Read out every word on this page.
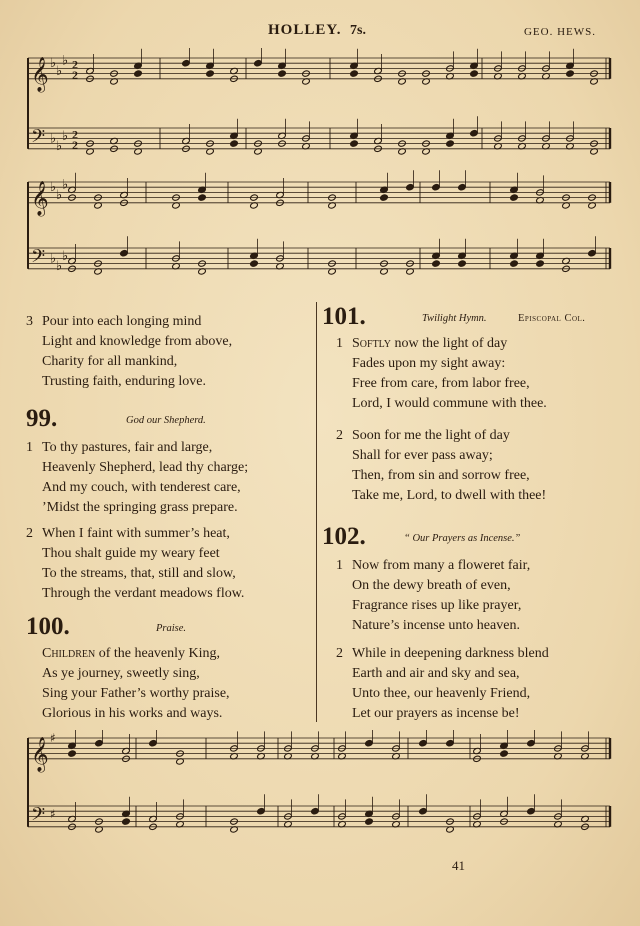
HOLLEY. 7s.	GEO. HEWS.
𝄞 ♭
♭
♭ 2
2
𝄢 ♭
♭
♭ 2
2
𝄞 ♭
♭
♭
𝄢 ♭
♭
♭
𝄞 ♯
𝄢 ♯
3 Pour into each longing mind
Light and knowledge from above,
Charity for all mankind,
Trusting faith, enduring love.
99.	God our Shepherd.
1 To thy pastures, fair and large,
Heavenly Shepherd, lead thy charge;
And my couch, with tenderest care,
’Midst the springing grass prepare.
2 When I faint with summer’s heat,
Thou shalt guide my weary feet
To the streams, that, still and slow,
Through the verdant meadows flow.
100.	Praise.
Children of the heavenly King,
As ye journey, sweetly sing,
Sing your Father’s worthy praise,
Glorious in his works and ways.
101.	Twilight Hymn.	Episcopal Col.
1 Softly now the light of day
Fades upon my sight away:
Free from care, from labor free,
Lord, I would commune with thee.
2 Soon for me the light of day
Shall for ever pass away;
Then, from sin and sorrow free,
Take me, Lord, to dwell with thee!
102.	“ Our Prayers as Incense.”
1 Now from many a floweret fair,
On the dewy breath of even,
Fragrance rises up like prayer,
Nature’s incense unto heaven.
2 While in deepening darkness blend
Earth and air and sky and sea,
Unto thee, our heavenly Friend,
Let our prayers as incense be!
41
